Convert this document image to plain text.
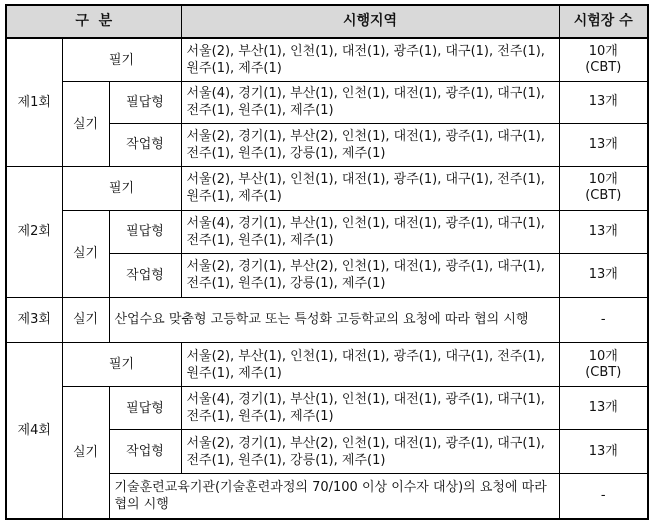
구  분			시행지역	시험장 수
제1회	필기		서울(2), 부산(1), 인천(1), 대전(1), 광주(1), 대구(1), 전주(1), 원주(1), 제주(1)	10개
(CBT)
	실기	필답형	서울(4), 경기(1), 부산(1), 인천(1), 대전(1), 광주(1), 대구(1), 전주(1), 원주(1), 제주(1)	13개
		작업형	서울(2), 경기(1), 부산(2), 인천(1), 대전(1), 광주(1), 대구(1), 전주(1), 원주(1), 강릉(1), 제주(1)	13개
제2회	필기		서울(2), 부산(1), 인천(1), 대전(1), 광주(1), 대구(1), 전주(1), 원주(1), 제주(1)	10개
(CBT)
	실기	필답형	서울(4), 경기(1), 부산(1), 인천(1), 대전(1), 광주(1), 대구(1), 전주(1), 원주(1), 제주(1)	13개
		작업형	서울(2), 경기(1), 부산(2), 인천(1), 대전(1), 광주(1), 대구(1), 전주(1), 원주(1), 강릉(1), 제주(1)	13개
제3회	실기	산업수요 맞춤형 고등학교 또는 특성화 고등학교의 요청에 따라 협의 시행		-
제4회	필기		서울(2), 부산(1), 인천(1), 대전(1), 광주(1), 대구(1), 전주(1), 원주(1), 제주(1)	10개
(CBT)
	실기	필답형	서울(4), 경기(1), 부산(1), 인천(1), 대전(1), 광주(1), 대구(1), 전주(1), 원주(1), 제주(1)	13개
		작업형	서울(2), 경기(1), 부산(2), 인천(1), 대전(1), 광주(1), 대구(1), 전주(1), 원주(1), 강릉(1), 제주(1)	13개
		기술훈련교육기관(기술훈련과정의 70/100 이상 이수자 대상)의 요청에 따라 협의 시행		-
